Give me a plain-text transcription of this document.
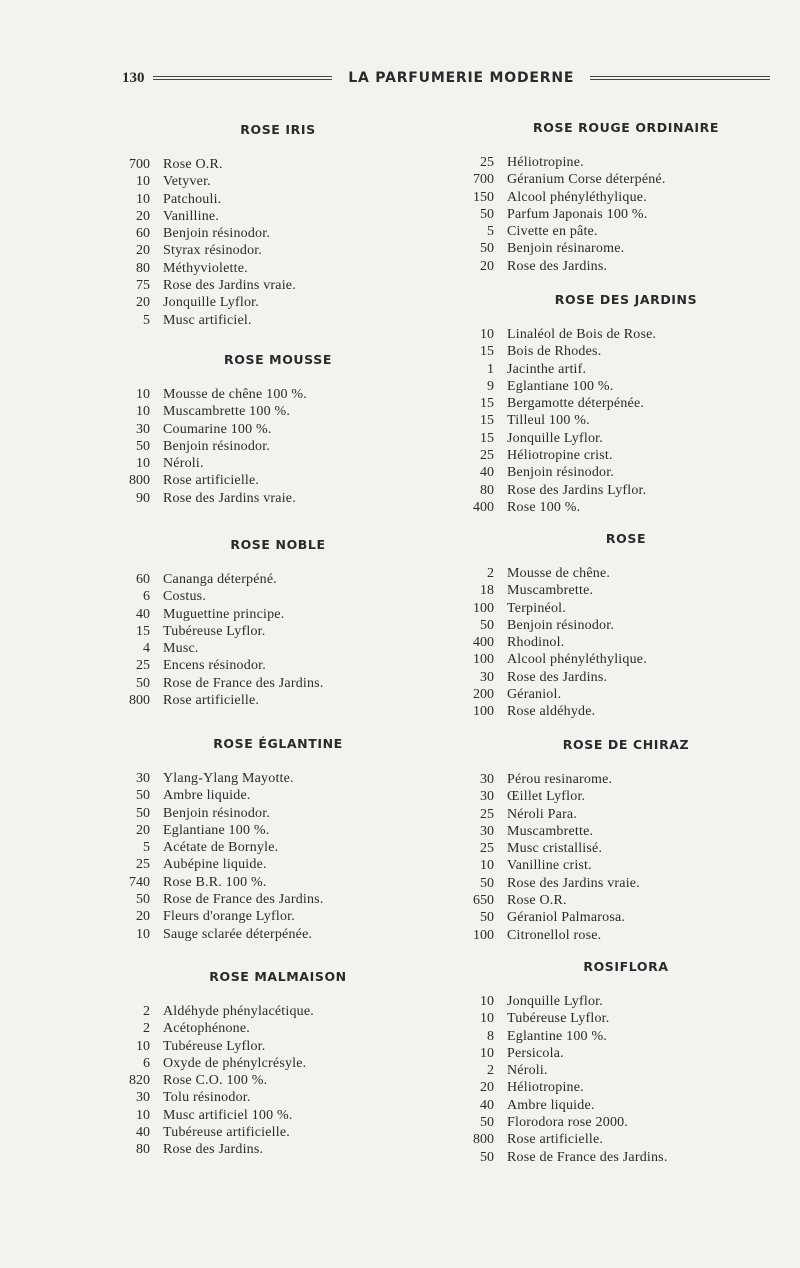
130	LA PARFUMERIE MODERNE
ROSE IRIS
700 Rose O.R.
10 Vetyver.
10 Patchouli.
20 Vanilline.
60 Benjoin résinodor.
20 Styrax résinodor.
80 Méthyviolette.
75 Rose des Jardins vraie.
20 Jonquille Lyflor.
5 Musc artificiel.
ROSE MOUSSE
10 Mousse de chêne 100 %.
10 Muscambrette 100 %.
30 Coumarine 100 %.
50 Benjoin résinodor.
10 Néroli.
800 Rose artificielle.
90 Rose des Jardins vraie.
ROSE NOBLE
60 Cananga déterpéné.
6 Costus.
40 Muguettine principe.
15 Tubéreuse Lyflor.
4 Musc.
25 Encens résinodor.
50 Rose de France des Jardins.
800 Rose artificielle.
ROSE ÉGLANTINE
30 Ylang-Ylang Mayotte.
50 Ambre liquide.
50 Benjoin résinodor.
20 Eglantiane 100 %.
5 Acétate de Bornyle.
25 Aubépine liquide.
740 Rose B.R. 100 %.
50 Rose de France des Jardins.
20 Fleurs d'orange Lyflor.
10 Sauge sclarée déterpénée.
ROSE MALMAISON
2 Aldéhyde phénylacétique.
2 Acétophénone.
10 Tubéreuse Lyflor.
6 Oxyde de phénylcrésyle.
820 Rose C.O. 100 %.
30 Tolu résinodor.
10 Musc artificiel 100 %.
40 Tubéreuse artificielle.
80 Rose des Jardins.
ROSE ROUGE ORDINAIRE
25 Héliotropine.
700 Géranium Corse déterpéné.
150 Alcool phényléthylique.
50 Parfum Japonais 100 %.
5 Civette en pâte.
50 Benjoin résinarome.
20 Rose des Jardins.
ROSE DES JARDINS
10 Linaléol de Bois de Rose.
15 Bois de Rhodes.
1 Jacinthe artif.
9 Eglantiane 100 %.
15 Bergamotte déterpénée.
15 Tilleul 100 %.
15 Jonquille Lyflor.
25 Héliotropine crist.
40 Benjoin résinodor.
80 Rose des Jardins Lyflor.
400 Rose 100 %.
ROSE
2 Mousse de chêne.
18 Muscambrette.
100 Terpinéol.
50 Benjoin résinodor.
400 Rhodinol.
100 Alcool phényléthylique.
30 Rose des Jardins.
200 Géraniol.
100 Rose aldéhyde.
ROSE DE CHIRAZ
30 Pérou resinarome.
30 Œillet Lyflor.
25 Néroli Para.
30 Muscambrette.
25 Musc cristallisé.
10 Vanilline crist.
50 Rose des Jardins vraie.
650 Rose O.R.
50 Géraniol Palmarosa.
100 Citronellol rose.
ROSIFLORA
10 Jonquille Lyflor.
10 Tubéreuse Lyflor.
8 Eglantine 100 %.
10 Persicola.
2 Néroli.
20 Héliotropine.
40 Ambre liquide.
50 Florodora rose 2000.
800 Rose artificielle.
50 Rose de France des Jardins.
